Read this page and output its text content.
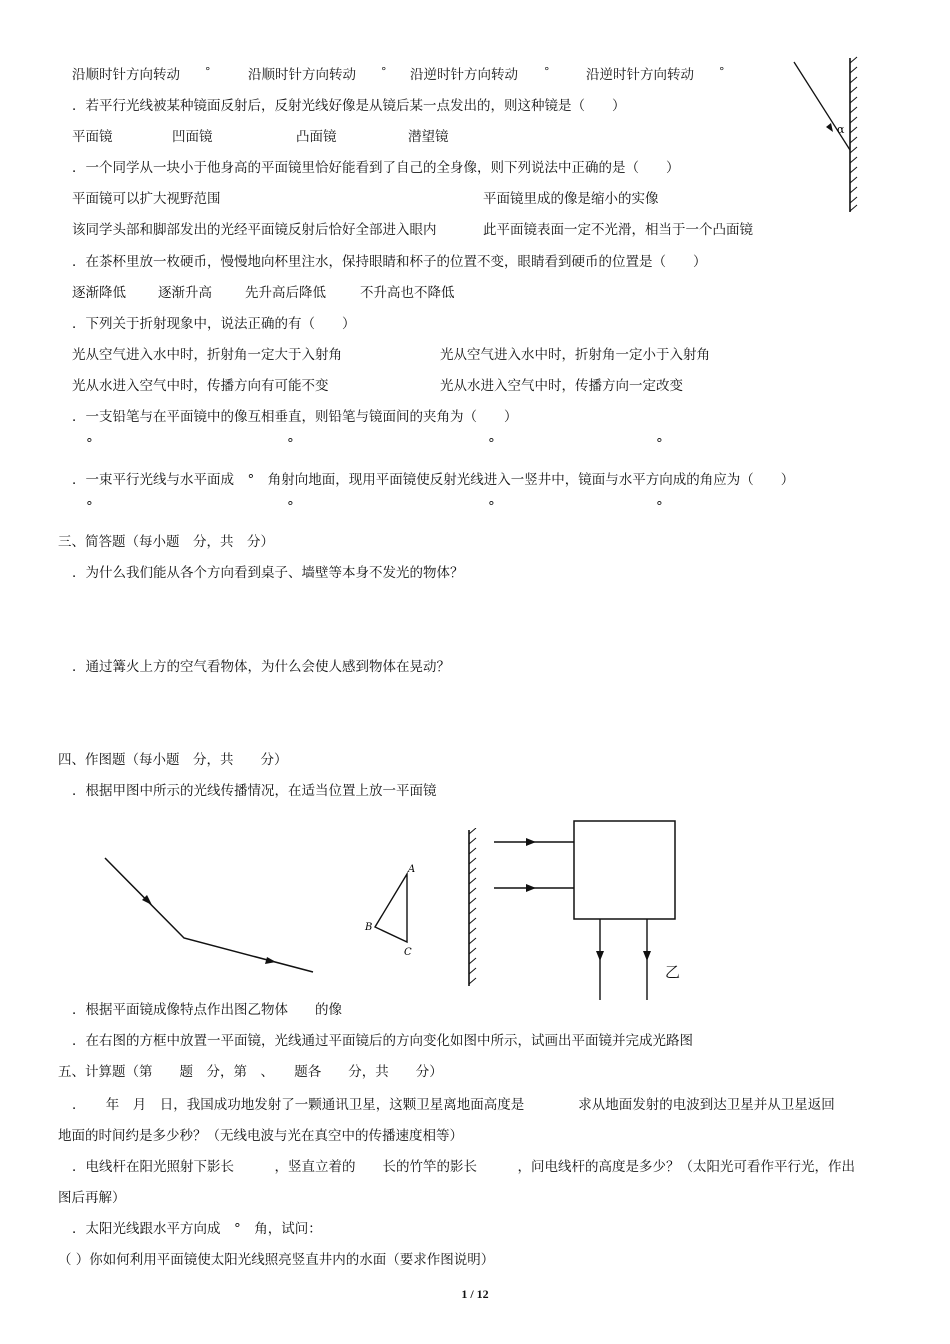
沿顺时针方向转动 °	沿顺时针方向转动 ° 沿逆时针方向转动 °	沿逆时针方向转动 °
α
．若平行光线被某种镜面反射后，反射光线好像是从镜后某一点发出的，则这种镜是（　　）
平面镜	凹面镜	凸面镜	潜望镜
．一个同学从一块小于他身高的平面镜里恰好能看到了自己的全身像，则下列说法中正确的是（　　）
平面镜可以扩大视野范围	平面镜里成的像是缩小的实像
该同学头部和脚部发出的光经平面镜反射后恰好全部进入眼内	此平面镜表面一定不光滑，相当于一个凸面镜
．在茶杯里放一枚硬币，慢慢地向杯里注水，保持眼睛和杯子的位置不变，眼睛看到硬币的位置是（　　）
逐渐降低 逐渐升高 先升高后降低	不升高也不降低
．下列关于折射现象中，说法正确的有（　　）
光从空气进入水中时，折射角一定大于入射角	光从空气进入水中时，折射角一定小于入射角
光从水进入空气中时，传播方向有可能不变	光从水进入空气中时，传播方向一定改变
．一支铅笔与在平面镜中的像互相垂直，则铅笔与镜面间的夹角为（　　）
°	°	°	°
．一束平行光线与水平面成　°　角射向地面，现用平面镜使反射光线进入一竖井中，镜面与水平方向成的角应为（　　）
°	°	°	°
三、简答题（每小题　分，共　分）
．为什么我们能从各个方向看到桌子、墙壁等本身不发光的物体？
．通过篝火上方的空气看物体，为什么会使人感到物体在晃动？
四、作图题（每小题　分，共　　分）
．根据甲图中所示的光线传播情况，在适当位置上放一平面镜
A
B
C
乙
．根据平面镜成像特点作出图乙物体　　的像
．在右图的方框中放置一平面镜，光线通过平面镜后的方向变化如图中所示，试画出平面镜并完成光路图
五、计算题（第　　题　分，第　、　　题各　　分，共　　分）
．　　年　月　日，我国成功地发射了一颗通讯卫星，这颗卫星离地面高度是　　　　求从地面发射的电波到达卫星并从卫星返回
地面的时间约是多少秒？（无线电波与光在真空中的传播速度相等）
．电线杆在阳光照射下影长　　　，竖直立着的　　长的竹竿的影长　　　，问电线杆的高度是多少？（太阳光可看作平行光，作出
图后再解）
．太阳光线跟水平方向成　°　角，试问：
（ ）你如何利用平面镜使太阳光线照亮竖直井内的水面（要求作图说明）
1 / 12
